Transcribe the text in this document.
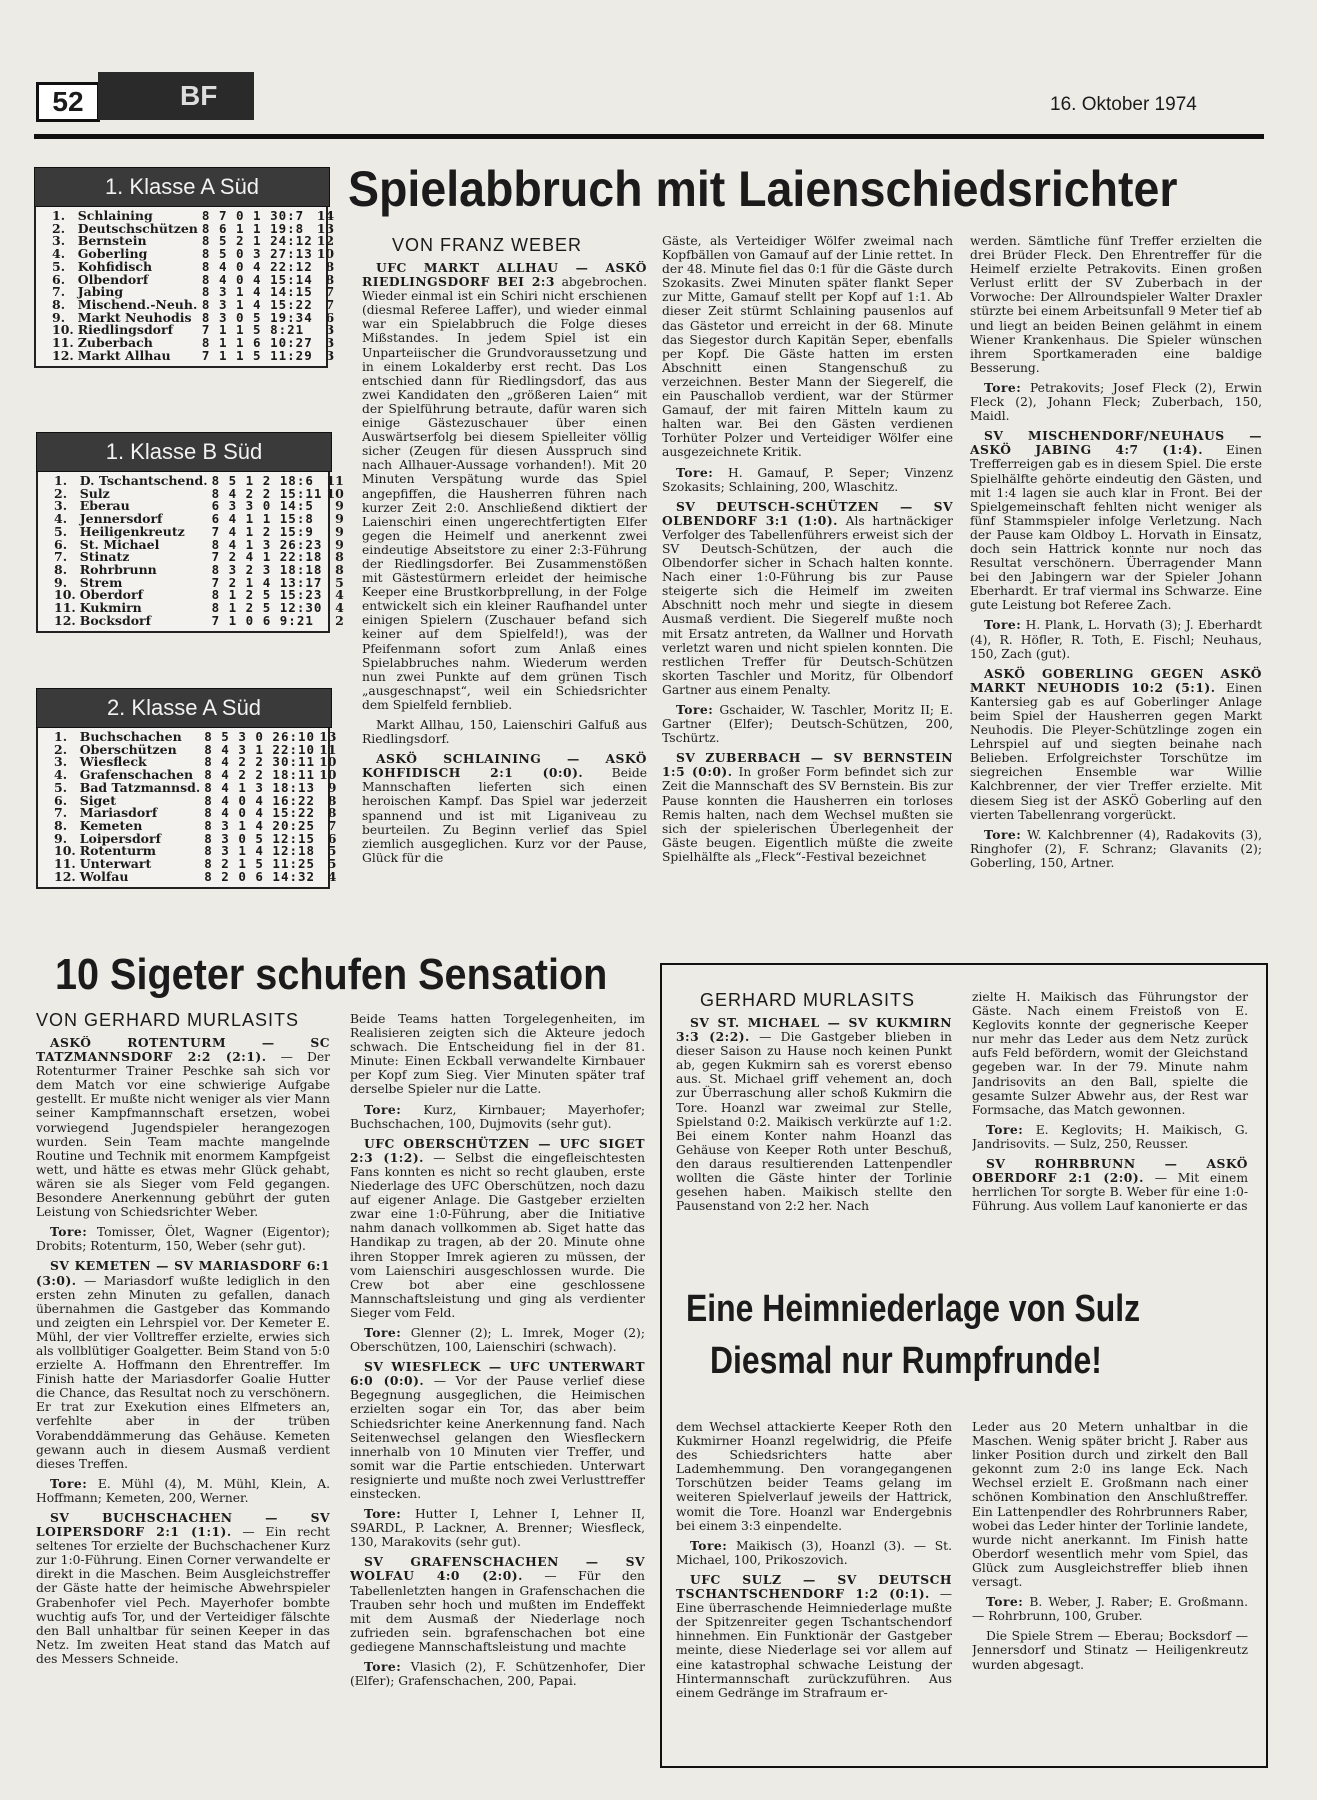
52	BF	16. Oktober 1974
1. Klasse A Süd
1.	Schlaining	8 7 0 1 30:7	14
2.	Deutschschützen	8 6 1 1 19:8	13
3.	Bernstein	8 5 2 1 24:12	12
4.	Goberling	8 5 0 3 27:13	10
5.	Kohfidisch	8 4 0 4 22:12	8
6.	Olbendorf	8 4 0 4 15:14	8
7.	Jabing	8 3 1 4 14:15	7
8.	Mischend.-Neuh.	8 3 1 4 15:22	7
9.	Markt Neuhodis	8 3 0 5 19:34	6
10.	Riedlingsdorf	7 1 1 5 8:21	3
11.	Zuberbach	8 1 1 6 10:27	3
12.	Markt Allhau	7 1 1 5 11:29	3
1. Klasse B Süd
1.	D. Tschantschend.	8 5 1 2 18:6	11
2.	Sulz	8 4 2 2 15:11	10
3.	Eberau	6 3 3 0 14:5	9
4.	Jennersdorf	6 4 1 1 15:8	9
5.	Heiligenkreutz	7 4 1 2 15:9	9
6.	St. Michael	8 4 1 3 26:23	9
7.	Stinatz	7 2 4 1 22:18	8
8.	Rohrbrunn	8 3 2 3 18:18	8
9.	Strem	7 2 1 4 13:17	5
10.	Oberdorf	8 1 2 5 15:23	4
11.	Kukmirn	8 1 2 5 12:30	4
12.	Bocksdorf	7 1 0 6 9:21	2
2. Klasse A Süd
1.	Buchschachen	8 5 3 0 26:10	13
2.	Oberschützen	8 4 3 1 22:10	11
3.	Wiesfleck	8 4 2 2 30:11	10
4.	Grafenschachen	8 4 2 2 18:11	10
5.	Bad Tatzmannsd.	8 4 1 3 18:13	9
6.	Siget	8 4 0 4 16:22	8
7.	Mariasdorf	8 4 0 4 15:22	8
8.	Kemeten	8 3 1 4 20:25	7
9.	Loipersdorf	8 3 0 5 12:15	6
10.	Rotenturm	8 3 1 4 12:18	5
11.	Unterwart	8 2 1 5 11:25	5
12.	Wolfau	8 2 0 6 14:32	4
Spielabbruch mit Laienschiedsrichter
VON FRANZ WEBER

UFC MARKT ALLHAU — ASKÖ RIEDLINGSDORF BEI 2:3 abgebrochen. Wieder einmal ist ein Schiri nicht erschienen (diesmal Referee Laffer), und wieder einmal war ein Spielabbruch die Folge dieses Mißstandes. In jedem Spiel ist ein Unparteiischer die Grundvoraussetzung und in einem Lokalderby erst recht. Das Los entschied dann für Riedlingsdorf, das aus zwei Kandidaten den „größeren Laien“ mit der Spielführung betraute, dafür waren sich einige Gästezuschauer über einen Auswärtserfolg bei diesem Spielleiter völlig sicher (Zeugen für diesen Ausspruch sind nach Allhauer-Aussage vorhanden!). Mit 20 Minuten Verspätung wurde das Spiel angepfiffen, die Hausherren führen nach kurzer Zeit 2:0. Anschließend diktiert der Laienschiri einen ungerechtfertigten Elfer gegen die Heimelf und anerkennt zwei eindeutige Abseitstore zu einer 2:3-Führung der Riedlingsdorfer. Bei Zusammenstößen mit Gästestürmern erleidet der heimische Keeper eine Brustkorbprellung, in der Folge entwickelt sich ein kleiner Raufhandel unter einigen Spielern (Zuschauer befand sich keiner auf dem Spielfeld!), was der Pfeifenmann sofort zum Anlaß eines Spielabbruches nahm. Wiederum werden nun zwei Punkte auf dem grünen Tisch „ausgeschnapst“, weil ein Schiedsrichter dem Spielfeld fernblieb.

Markt Allhau, 150, Laienschiri Galfuß aus Riedlingsdorf.

ASKÖ SCHLAINING — ASKÖ KOHFIDISCH 2:1 (0:0). Beide Mannschaften lieferten sich einen heroischen Kampf. Das Spiel war jederzeit spannend und ist mit Liganiveau zu beurteilen. Zu Beginn verlief das Spiel ziemlich ausgeglichen. Kurz vor der Pause, Glück für die

Gäste, als Verteidiger Wölfer zweimal nach Kopfbällen von Gamauf auf der Linie rettet. In der 48. Minute fiel das 0:1 für die Gäste durch Szokasits. Zwei Minuten später flankt Seper zur Mitte, Gamauf stellt per Kopf auf 1:1. Ab dieser Zeit stürmt Schlaining pausenlos auf das Gästetor und erreicht in der 68. Minute das Siegestor durch Kapitän Seper, ebenfalls per Kopf. Die Gäste hatten im ersten Abschnitt einen Stangenschuß zu verzeichnen. Bester Mann der Siegerelf, die ein Pauschallob verdient, war der Stürmer Gamauf, der mit fairen Mitteln kaum zu halten war. Bei den Gästen verdienen Torhüter Polzer und Verteidiger Wölfer eine ausgezeichnete Kritik.

Tore: H. Gamauf, P. Seper; Vinzenz Szokasits; Schlaining, 200, Wlaschitz.

SV DEUTSCH-SCHÜTZEN — SV OLBENDORF 3:1 (1:0). Als hartnäckiger Verfolger des Tabellenführers erweist sich der SV Deutsch-Schützen, der auch die Olbendorfer sicher in Schach halten konnte. Nach einer 1:0-Führung bis zur Pause steigerte sich die Heimelf im zweiten Abschnitt noch mehr und siegte in diesem Ausmaß verdient. Die Siegerelf mußte noch mit Ersatz antreten, da Wallner und Horvath verletzt waren und nicht spielen konnten. Die restlichen Treffer für Deutsch-Schützen skorten Taschler und Moritz, für Olbendorf Gartner aus einem Penalty.

Tore: Gschaider, W. Taschler, Moritz II; E. Gartner (Elfer); Deutsch-Schützen, 200, Tschürtz.

SV ZUBERBACH — SV BERNSTEIN 1:5 (0:0). In großer Form befindet sich zur Zeit die Mannschaft des SV Bernstein. Bis zur Pause konnten die Hausherren ein torloses Remis halten, nach dem Wechsel mußten sie sich der spielerischen Überlegenheit der Gäste beugen. Eigentlich müßte die zweite Spielhälfte als „Fleck“-Festival bezeichnet

werden. Sämtliche fünf Treffer erzielten die drei Brüder Fleck. Den Ehrentreffer für die Heimelf erzielte Petrakovits. Einen großen Verlust erlitt der SV Zuberbach in der Vorwoche: Der Allroundspieler Walter Draxler stürzte bei einem Arbeitsunfall 9 Meter tief ab und liegt an beiden Beinen gelähmt in einem Wiener Krankenhaus. Die Spieler wünschen ihrem Sportkameraden eine baldige Besserung.

Tore: Petrakovits; Josef Fleck (2), Erwin Fleck (2), Johann Fleck; Zuberbach, 150, Maidl.

SV MISCHENDORF/NEUHAUS — ASKÖ JABING 4:7 (1:4). Einen Trefferreigen gab es in diesem Spiel. Die erste Spielhälfte gehörte eindeutig den Gästen, und mit 1:4 lagen sie auch klar in Front. Bei der Spielgemeinschaft fehlten nicht weniger als fünf Stammspieler infolge Verletzung. Nach der Pause kam Oldboy L. Horvath in Einsatz, doch sein Hattrick konnte nur noch das Resultat verschönern. Überragender Mann bei den Jabingern war der Spieler Johann Eberhardt. Er traf viermal ins Schwarze. Eine gute Leistung bot Referee Zach.

Tore: H. Plank, L. Horvath (3); J. Eberhardt (4), R. Höfler, R. Toth, E. Fischl; Neuhaus, 150, Zach (gut).

ASKÖ GOBERLING GEGEN ASKÖ MARKT NEUHODIS 10:2 (5:1). Einen Kantersieg gab es auf Goberlinger Anlage beim Spiel der Hausherren gegen Markt Neuhodis. Die Pleyer-Schützlinge zogen ein Lehrspiel auf und siegten beinahe nach Belieben. Erfolgreichster Torschütze im siegreichen Ensemble war Willie Kalchbrenner, der vier Treffer erzielte. Mit diesem Sieg ist der ASKÖ Goberling auf den vierten Tabellenrang vorgerückt.

Tore: W. Kalchbrenner (4), Radakovits (3), Ringhofer (2), F. Schranz; Glavanits (2); Goberling, 150, Artner.

10 Sigeter schufen Sensation
VON GERHARD MURLASITS

ASKÖ ROTENTURM — SC TATZMANNSDORF 2:2 (2:1). — Der Rotenturmer Trainer Peschke sah sich vor dem Match vor eine schwierige Aufgabe gestellt. Er mußte nicht weniger als vier Mann seiner Kampfmannschaft ersetzen, wobei vorwiegend Jugendspieler herangezogen wurden. Sein Team machte mangelnde Routine und Technik mit enormem Kampfgeist wett, und hätte es etwas mehr Glück gehabt, wären sie als Sieger vom Feld gegangen. Besondere Anerkennung gebührt der guten Leistung von Schiedsrichter Weber.

Tore: Tomisser, Ölet, Wagner (Eigentor); Drobits; Rotenturm, 150, Weber (sehr gut).

SV KEMETEN — SV MARIASDORF 6:1 (3:0). — Mariasdorf wußte lediglich in den ersten zehn Minuten zu gefallen, danach übernahmen die Gastgeber das Kommando und zeigten ein Lehrspiel vor. Der Kemeter E. Mühl, der vier Volltreffer erzielte, erwies sich als vollblütiger Goalgetter. Beim Stand von 5:0 erzielte A. Hoffmann den Ehrentreffer. Im Finish hatte der Mariasdorfer Goalie Hutter die Chance, das Resultat noch zu verschönern. Er trat zur Exekution eines Elfmeters an, verfehlte aber in der trüben Vorabenddämmerung das Gehäuse. Kemeten gewann auch in diesem Ausmaß verdient dieses Treffen.

Tore: E. Mühl (4), M. Mühl, Klein, A. Hoffmann; Kemeten, 200, Werner.

SV BUCHSCHACHEN — SV LOIPERSDORF 2:1 (1:1). — Ein recht seltenes Tor erzielte der Buchschachener Kurz zur 1:0-Führung. Einen Corner verwandelte er direkt in die Maschen. Beim Ausgleichstreffer der Gäste hatte der heimische Abwehrspieler Grabenhofer viel Pech. Mayerhofer bombte wuchtig aufs Tor, und der Verteidiger fälschte den Ball unhaltbar für seinen Keeper in das Netz. Im zweiten Heat stand das Match auf des Messers Schneide.

Beide Teams hatten Torgelegenheiten, im Realisieren zeigten sich die Akteure jedoch schwach. Die Entscheidung fiel in der 81. Minute: Einen Eckball verwandelte Kirnbauer per Kopf zum Sieg. Vier Minuten später traf derselbe Spieler nur die Latte.

Tore: Kurz, Kirnbauer; Mayerhofer; Buchschachen, 100, Dujmovits (sehr gut).

UFC OBERSCHÜTZEN — UFC SIGET 2:3 (1:2). — Selbst die eingefleischtesten Fans konnten es nicht so recht glauben, erste Niederlage des UFC Oberschützen, noch dazu auf eigener Anlage. Die Gastgeber erzielten zwar eine 1:0-Führung, aber die Initiative nahm danach vollkommen ab. Siget hatte das Handikap zu tragen, ab der 20. Minute ohne ihren Stopper Imrek agieren zu müssen, der vom Laienschiri ausgeschlossen wurde. Die Crew bot aber eine geschlossene Mannschaftsleistung und ging als verdienter Sieger vom Feld.

Tore: Glenner (2); L. Imrek, Moger (2); Oberschützen, 100, Laienschiri (schwach).

SV WIESFLECK — UFC UNTERWART 6:0 (0:0). — Vor der Pause verlief diese Begegnung ausgeglichen, die Heimischen erzielten sogar ein Tor, das aber beim Schiedsrichter keine Anerkennung fand. Nach Seitenwechsel gelangen den Wiesfleckern innerhalb von 10 Minuten vier Treffer, und somit war die Partie entschieden. Unterwart resignierte und mußte noch zwei Verlusttreffer einstecken.

Tore: Hutter I, Lehner I, Lehner II, S9ARDL, P. Lackner, A. Brenner; Wiesfleck, 130, Marakovits (sehr gut).

SV GRAFENSCHACHEN — SV WOLFAU 4:0 (2:0). — Für den Tabellenletzten hangen in Grafenschachen die Trauben sehr hoch und mußten im Endeffekt mit dem Ausmaß der Niederlage noch zufrieden sein. bgrafenschachen bot eine gediegene Mannschaftsleistung und machte

Tore: Vlasich (2), F. Schützenhofer, Dier (Elfer); Grafenschachen, 200, Papai.

GERHARD MURLASITS

SV ST. MICHAEL — SV KUKMIRN 3:3 (2:2). — Die Gastgeber blieben in dieser Saison zu Hause noch keinen Punkt ab, gegen Kukmirn sah es vorerst ebenso aus. St. Michael griff vehement an, doch zur Überraschung aller schoß Kukmirn die Tore. Hoanzl war zweimal zur Stelle, Spielstand 0:2. Maikisch verkürzte auf 1:2. Bei einem Konter nahm Hoanzl das Gehäuse von Keeper Roth unter Beschuß, den daraus resultierenden Lattenpendler wollten die Gäste hinter der Torlinie gesehen haben. Maikisch stellte den Pausenstand von 2:2 her. Nach

zielte H. Maikisch das Führungstor der Gäste. Nach einem Freistoß von E. Keglovits konnte der gegnerische Keeper nur mehr das Leder aus dem Netz zurück aufs Feld befördern, womit der Gleichstand gegeben war. In der 79. Minute nahm Jandrisovits an den Ball, spielte die gesamte Sulzer Abwehr aus, der Rest war Formsache, das Match gewonnen.

Tore: E. Keglovits; H. Maikisch, G. Jandrisovits. — Sulz, 250, Reusser.

SV ROHRBRUNN — ASKÖ OBERDORF 2:1 (2:0). — Mit einem herrlichen Tor sorgte B. Weber für eine 1:0-Führung. Aus vollem Lauf kanonierte er das

Eine Heimniederlage von Sulz
Diesmal nur Rumpfrunde!

dem Wechsel attackierte Keeper Roth den Kukmirner Hoanzl regelwidrig, die Pfeife des Schiedsrichters hatte aber Lademhemmung. Den vorangegangenen Torschützen beider Teams gelang im weiteren Spielverlauf jeweils der Hattrick, womit die Tore. Hoanzl war Endergebnis bei einem 3:3 einpendelte.

Tore: Maikisch (3), Hoanzl (3). — St. Michael, 100, Prikoszovich.

UFC SULZ — SV DEUTSCH TSCHANTSCHENDORF 1:2 (0:1). — Eine überraschende Heimniederlage mußte der Spitzenreiter gegen Tschantschendorf hinnehmen. Ein Funktionär der Gastgeber meinte, diese Niederlage sei vor allem auf eine katastrophal schwache Leistung der Hintermannschaft zurückzuführen. Aus einem Gedränge im Strafraum er-

Leder aus 20 Metern unhaltbar in die Maschen. Wenig später bricht J. Raber aus linker Position durch und zirkelt den Ball gekonnt zum 2:0 ins lange Eck. Nach Wechsel erzielt E. Großmann nach einer schönen Kombination den Anschlußtreffer. Ein Lattenpendler des Rohrbrunners Raber, wobei das Leder hinter der Torlinie landete, wurde nicht anerkannt. Im Finish hatte Oberdorf wesentlich mehr vom Spiel, das Glück zum Ausgleichstreffer blieb ihnen versagt.

Tore: B. Weber, J. Raber; E. Großmann. — Rohrbrunn, 100, Gruber.

Die Spiele Strem — Eberau; Bocksdorf — Jennersdorf und Stinatz — Heiligenkreutz wurden abgesagt.
